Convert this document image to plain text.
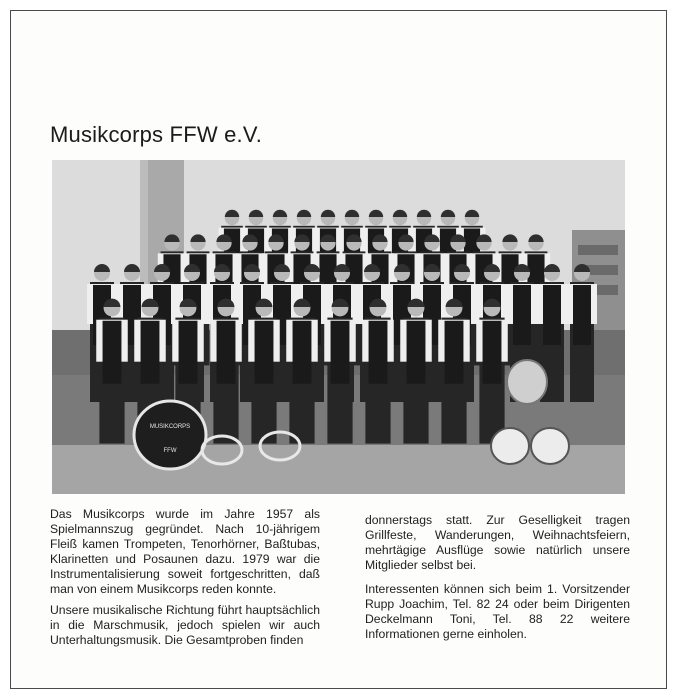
Musikcorps FFW e.V.
MUSIKCORPS
FFW

Das Musikcorps wurde im Jahre 1957 als Spielmannszug gegründet. Nach 10-jährigem Fleiß kamen Trompeten, Tenorhörner, Baßtubas, Klarinetten und Posaunen dazu. 1979 war die Instrumentalisierung soweit fortgeschritten, daß man von einem Musikcorps reden konnte.

Unsere musikalische Richtung führt hauptsächlich in die Marschmusik, jedoch spielen wir auch Unterhaltungsmusik. Die Gesamtproben finden

donnerstags statt. Zur Geselligkeit tragen Grillfeste, Wanderungen, Weihnachtsfeiern, mehrtägige Ausflüge sowie natürlich unsere Mitglieder selbst bei.

Interessenten können sich beim 1. Vorsitzender Rupp Joachim, Tel. 82 24 oder beim Dirigenten Deckelmann Toni, Tel. 88 22 weitere Informationen gerne einholen.
